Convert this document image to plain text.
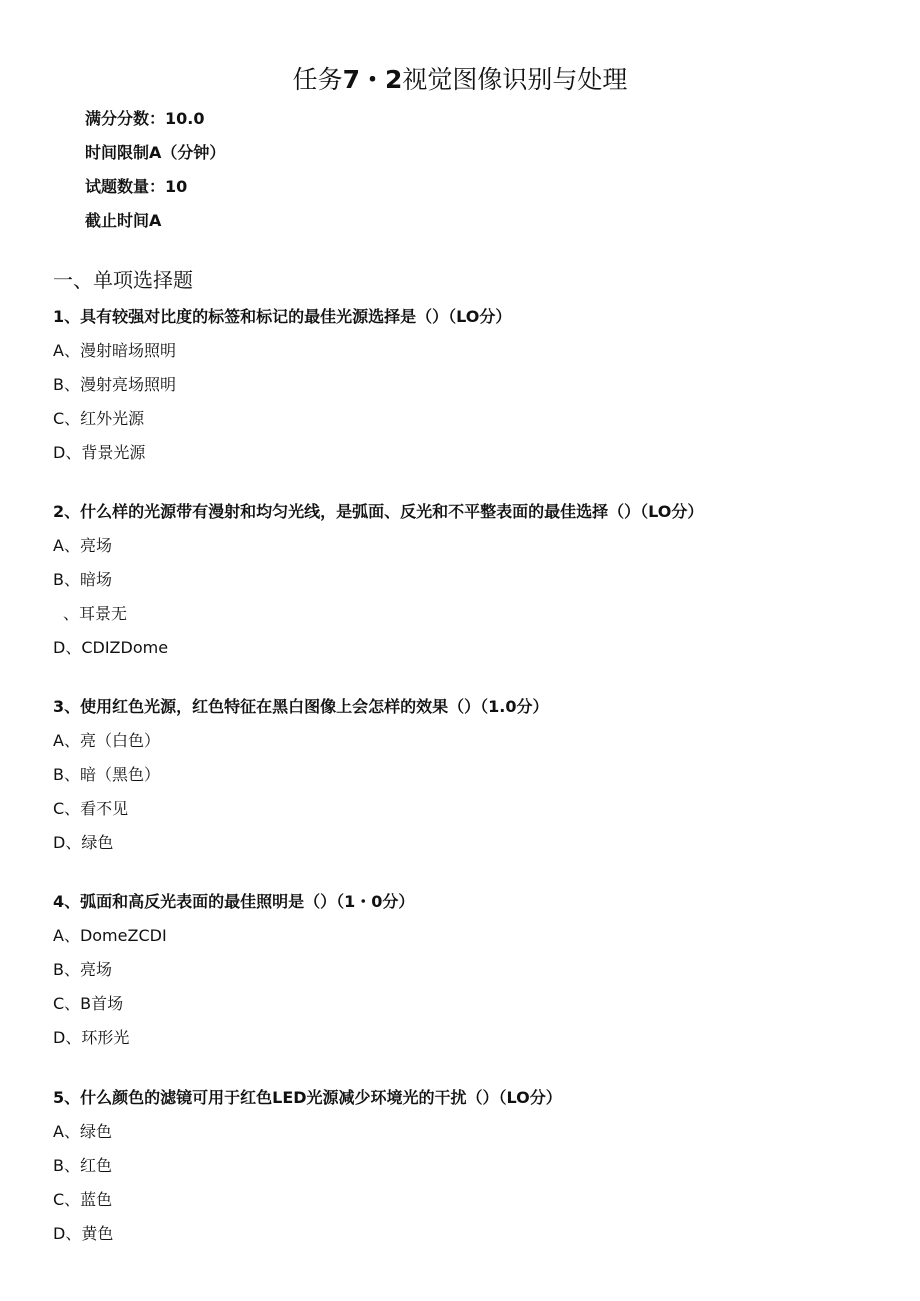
任务7・2视觉图像识别与处理
满分分数：10.0
时间限制A（分钟）
试题数量：10
截止时间A
一、单项选择题

1、具有较强对比度的标签和标记的最佳光源选择是（）（LO分）

A、漫射暗场照明

B、漫射亮场照明

C、红外光源

D、背景光源

2、什么样的光源带有漫射和均匀光线，是弧面、反光和不平整表面的最佳选择（）（LO分）

A、亮场

B、暗场

、耳景无

D、CDIZDome

3、使用红色光源，红色特征在黑白图像上会怎样的效果（）（1.0分）

A、亮（白色）

B、暗（黑色）

C、看不见

D、绿色

4、弧面和高反光表面的最佳照明是（）（1・0分）

A、DomeZCDI

B、亮场

C、B首场

D、环形光

5、什么颜色的滤镜可用于红色LED光源减少环境光的干扰（）（LO分）

A、绿色

B、红色

C、蓝色

D、黄色
